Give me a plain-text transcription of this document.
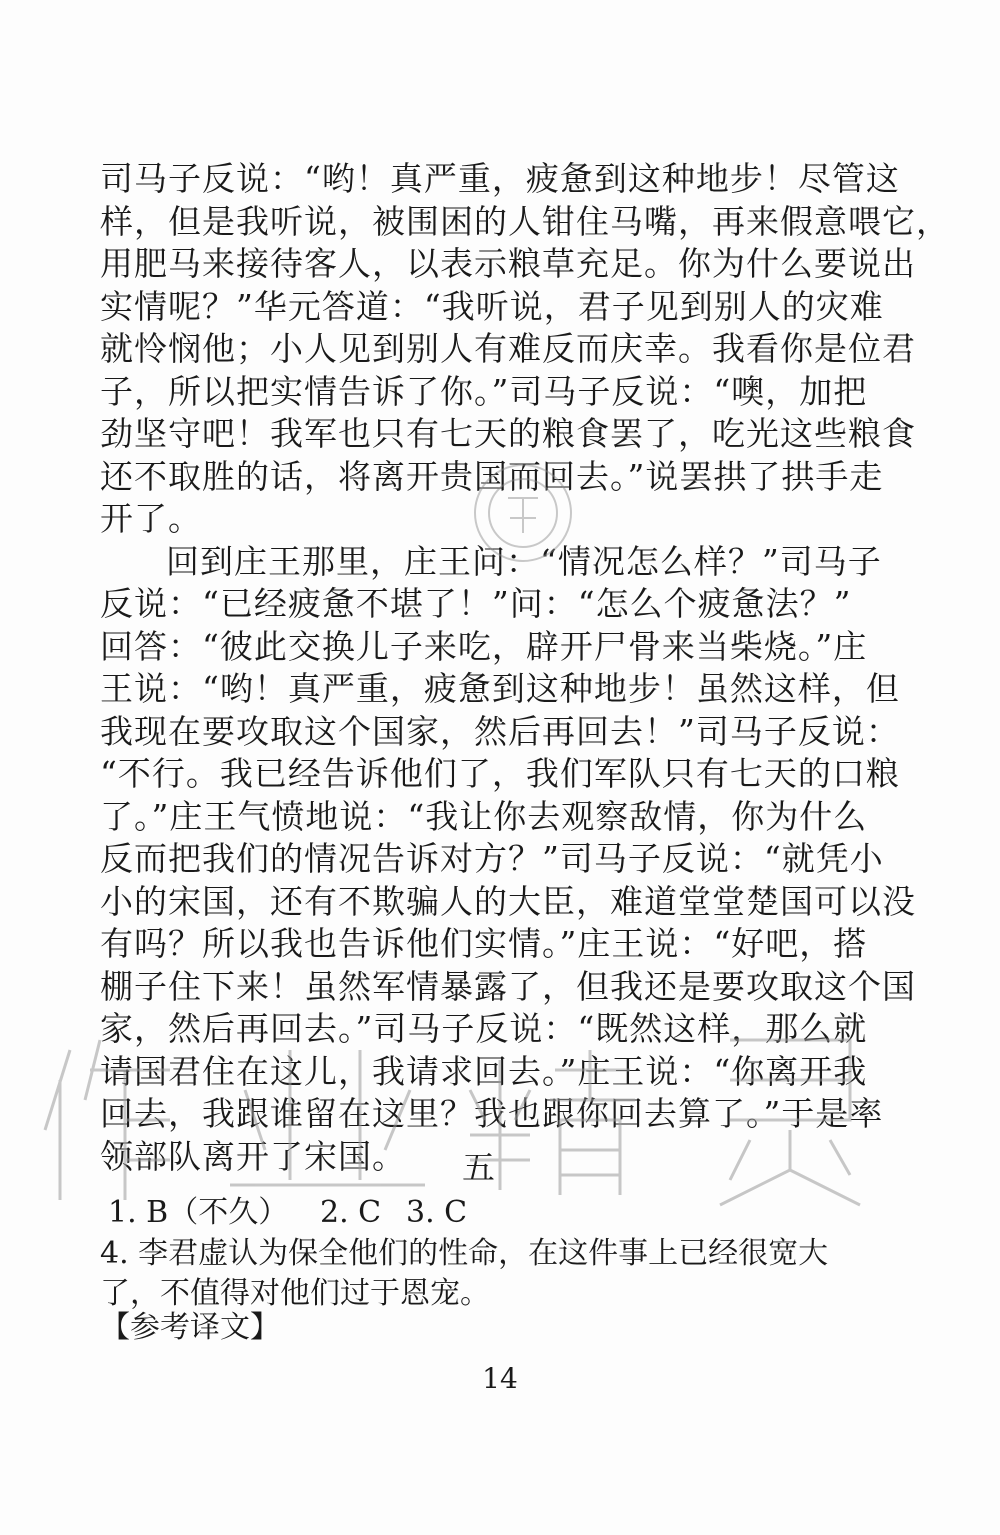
司马子反说：“哟！真严重，疲惫到这种地步！尽管这
样，但是我听说，被围困的人钳住马嘴，再来假意喂它，
用肥马来接待客人，以表示粮草充足。你为什么要说出
实情呢？”华元答道：“我听说，君子见到别人的灾难
就怜悯他；小人见到别人有难反而庆幸。我看你是位君
子，所以把实情告诉了你。”司马子反说：“噢，加把
劲坚守吧！我军也只有七天的粮食罢了，吃光这些粮食
还不取胜的话，将离开贵国而回去。”说罢拱了拱手走
开了。
回到庄王那里，庄王问：“情况怎么样？”司马子
反说：“已经疲惫不堪了！”问：“怎么个疲惫法？”
回答：“彼此交换儿子来吃，辟开尸骨来当柴烧。”庄
王说：“哟！真严重，疲惫到这种地步！虽然这样，但
我现在要攻取这个国家，然后再回去！”司马子反说：
“不行。我已经告诉他们了，我们军队只有七天的口粮
了。”庄王气愤地说：“我让你去观察敌情，你为什么
反而把我们的情况告诉对方？”司马子反说：“就凭小
小的宋国，还有不欺骗人的大臣，难道堂堂楚国可以没
有吗？所以我也告诉他们实情。”庄王说：“好吧，搭
棚子住下来！虽然军情暴露了，但我还是要攻取这个国
家，然后再回去。”司马子反说：“既然这样，那么就
请国君住在这儿，我请求回去。”庄王说：“你离开我
回去，我跟谁留在这里？我也跟你回去算了。”于是率
领部队离开了宋国。	五
1. B（不久） 2. C 3. C
4. 李君虚认为保全他们的性命，在这件事上已经很宽大
了，不值得对他们过于恩宠。
【参考译文】
14
